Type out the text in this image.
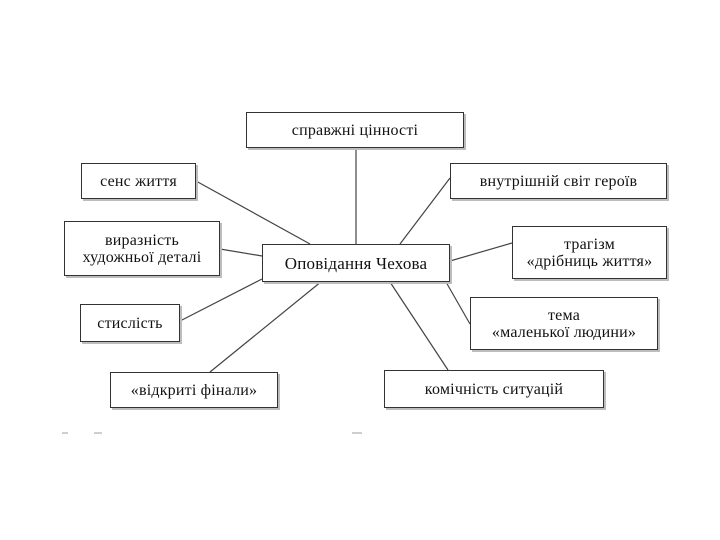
справжні цінності
сенс життя	внутрішній світ героїв
виразність
художньої деталі	Оповідання Чехова
трагізм
«дрібниць життя»
стислість	тема
«маленької людини»
«відкриті фінали»	комічність ситуацій
